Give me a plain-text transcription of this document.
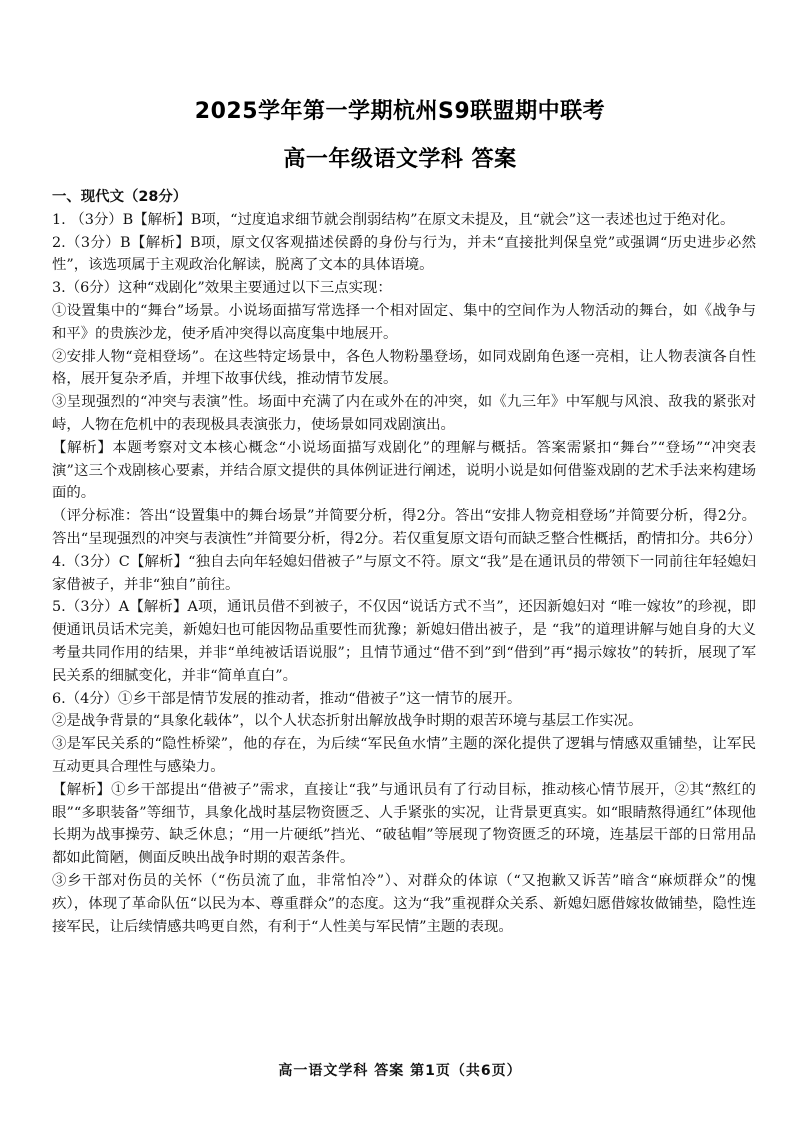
2025学年第一学期杭州S9联盟期中联考
高一年级语文学科 答案

一、现代文（28分）

1. （3分）B【解析】B项，“过度追求细节就会削弱结构”在原文未提及，且“就会”这一表述也过于绝对化。

2.（3分）B【解析】B项，原文仅客观描述侯爵的身份与行为，并未“直接批判保皇党”或强调“历史进步必然性”，该选项属于主观政治化解读，脱离了文本的具体语境。

3.（6分）这种“戏剧化”效果主要通过以下三点实现：

①设置集中的“舞台”场景。小说场面描写常选择一个相对固定、集中的空间作为人物活动的舞台，如《战争与和平》的贵族沙龙，使矛盾冲突得以高度集中地展开。

②安排人物“竞相登场”。在这些特定场景中，各色人物粉墨登场，如同戏剧角色逐一亮相，让人物表演各自性格，展开复杂矛盾，并埋下故事伏线，推动情节发展。

③呈现强烈的“冲突与表演”性。场面中充满了内在或外在的冲突，如《九三年》中军舰与风浪、敌我的紧张对峙，人物在危机中的表现极具表演张力，使场景如同戏剧演出。

【解析】本题考察对文本核心概念“小说场面描写戏剧化”的理解与概括。答案需紧扣“舞台”“登场”“冲突表演”这三个戏剧核心要素，并结合原文提供的具体例证进行阐述，说明小说是如何借鉴戏剧的艺术手法来构建场面的。

（评分标准：答出“设置集中的舞台场景”并简要分析，得2分。答出“安排人物竞相登场”并简要分析，得2分。 答出“呈现强烈的冲突与表演性”并简要分析，得2分。若仅重复原文语句而缺乏整合性概括，酌情扣分。共6分）

4.（3分）C【解析】“独自去向年轻媳妇借被子”与原文不符。原文“我”是在通讯员的带领下一同前往年轻媳妇家借被子，并非“独自”前往。

5.（3分）A【解析】A项，通讯员借不到被子，不仅因“说话方式不当”，还因新媳妇对 “唯一嫁妆”的珍视，即便通讯员话术完美，新媳妇也可能因物品重要性而犹豫；新媳妇借出被子，是 “我”的道理讲解与她自身的大义考量共同作用的结果，并非“单纯被话语说服”；且情节通过“借不到”到“借到”再“揭示嫁妆”的转折，展现了军民关系的细腻变化，并非“简单直白”。

6.（4分）①乡干部是情节发展的推动者，推动“借被子”这一情节的展开。

②是战争背景的“具象化载体”，以个人状态折射出解放战争时期的艰苦环境与基层工作实况。

③是军民关系的“隐性桥梁”，他的存在，为后续“军民鱼水情”主题的深化提供了逻辑与情感双重铺垫，让军民互动更具合理性与感染力。

【解析】①乡干部提出“借被子”需求，直接让“我”与通讯员有了行动目标，推动核心情节展开，②其“熬红的眼”“多职装备”等细节，具象化战时基层物资匮乏、人手紧张的实况，让背景更真实。如“眼睛熬得通红”体现他长期为战事操劳、缺乏休息；“用一片硬纸”挡光、“破毡帽”等展现了物资匮乏的环境，连基层干部的日常用品都如此简陋，侧面反映出战争时期的艰苦条件。

③乡干部对伤员的关怀（“伤员流了血，非常怕冷”）、对群众的体谅（“又抱歉又诉苦”暗含“麻烦群众”的愧疚），体现了革命队伍“以民为本、尊重群众”的态度。这为“我”重视群众关系、新媳妇愿借嫁妆做铺垫，隐性连接军民，让后续情感共鸣更自然，有利于“人性美与军民情”主题的表现。

高一语文学科 答案 第1页（共6页）
